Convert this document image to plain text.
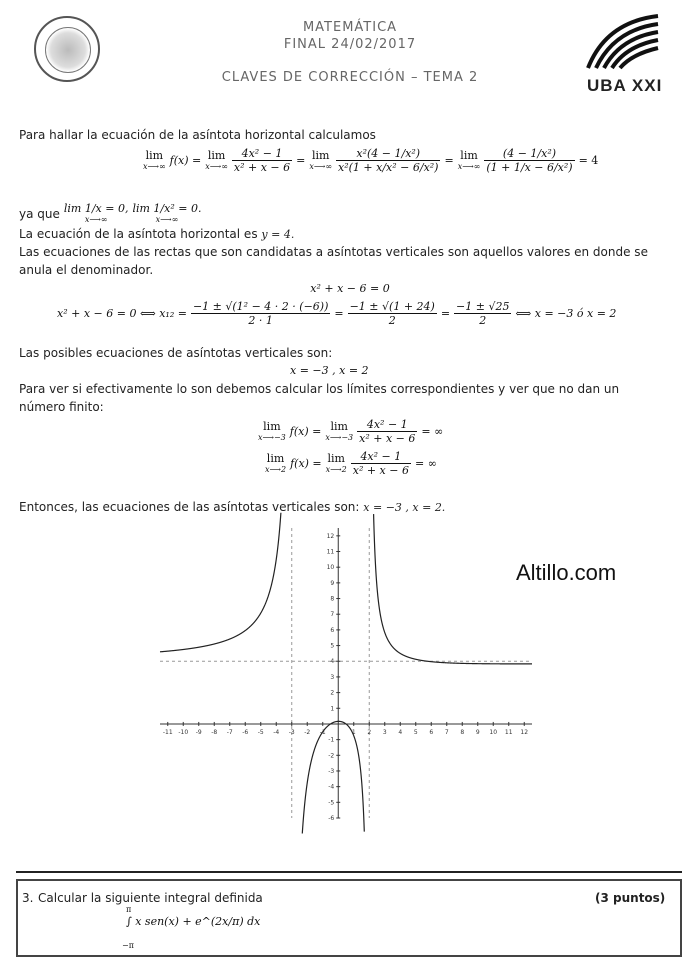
MATEMÁTICA
FINAL 24/02/2017
CLAVES DE CORRECCIÓN – TEMA 2	UBA XXI
Para hallar la ecuación de la asíntota horizontal calculamos
lim
x⟶∞ f(x) = lim
x⟶∞ $\frac{\text{4x² − 1}}{\text{x² + x − 6}} = \lim$
x⟶∞ $\frac{\text{x²(4 − 1/x²)}}{\text{x²(1 + x/x² − 6/x²)}} = \lim$
x⟶∞ $\frac{\text{(4 − 1/x²)}}{\text{(1 + 1/x − 6/x²)}} = 4$
ya que lim 1/x = 0,
x⟶∞
lim 1/x² = 0.
x⟶∞
La ecuación de la asíntota horizontal es y = 4.
Las ecuaciones de las rectas que son candidatas a asíntotas verticales son aquellos valores en donde se
anula el denominador.
x² + x − 6 = 0
x² + x − 6 = 0 ⟺ $x_{12} = \frac{\text{−1 ± √(1² − 4 · 2 · (−6))}}{2 \cdot 1} = \frac{-1 \pm √(1 + 24)}{2} = \frac{-1 \pm √25}{2}$ ⟺ x = −3 ó x = 2
Las posibles ecuaciones de asíntotas verticales son:
x = −3 , x = 2
Para ver si efectivamente lo son debemos calcular los límites correspondientes y ver que no dan un
número finito:
lim
x⟶−3 f(x) = lim
x⟶−3 $\frac{\text{4x² − 1}}{\text{x² + x − 6}}$ = ∞
lim
x⟶2 f(x) = lim
x⟶2 $\frac{\text{4x² − 1}}{\text{x² + x − 6}}$ = ∞
Entonces, las ecuaciones de las asíntotas verticales son: x = −3 , x = 2.
-11 -10 -9 -8 -7 -6 -5 -4 -3 -2 -1	1 2 3 4 5 6 7 8 9 10 11 12
-6
-5
-4
-3
-2
-1
1
2
3
4
5
6
7
8
9
10
11
12
Altillo.com
3. Calcular la siguiente integral definida	(3 puntos)
π
∫ x sen(x) + e^(2x/π) dx
−π
